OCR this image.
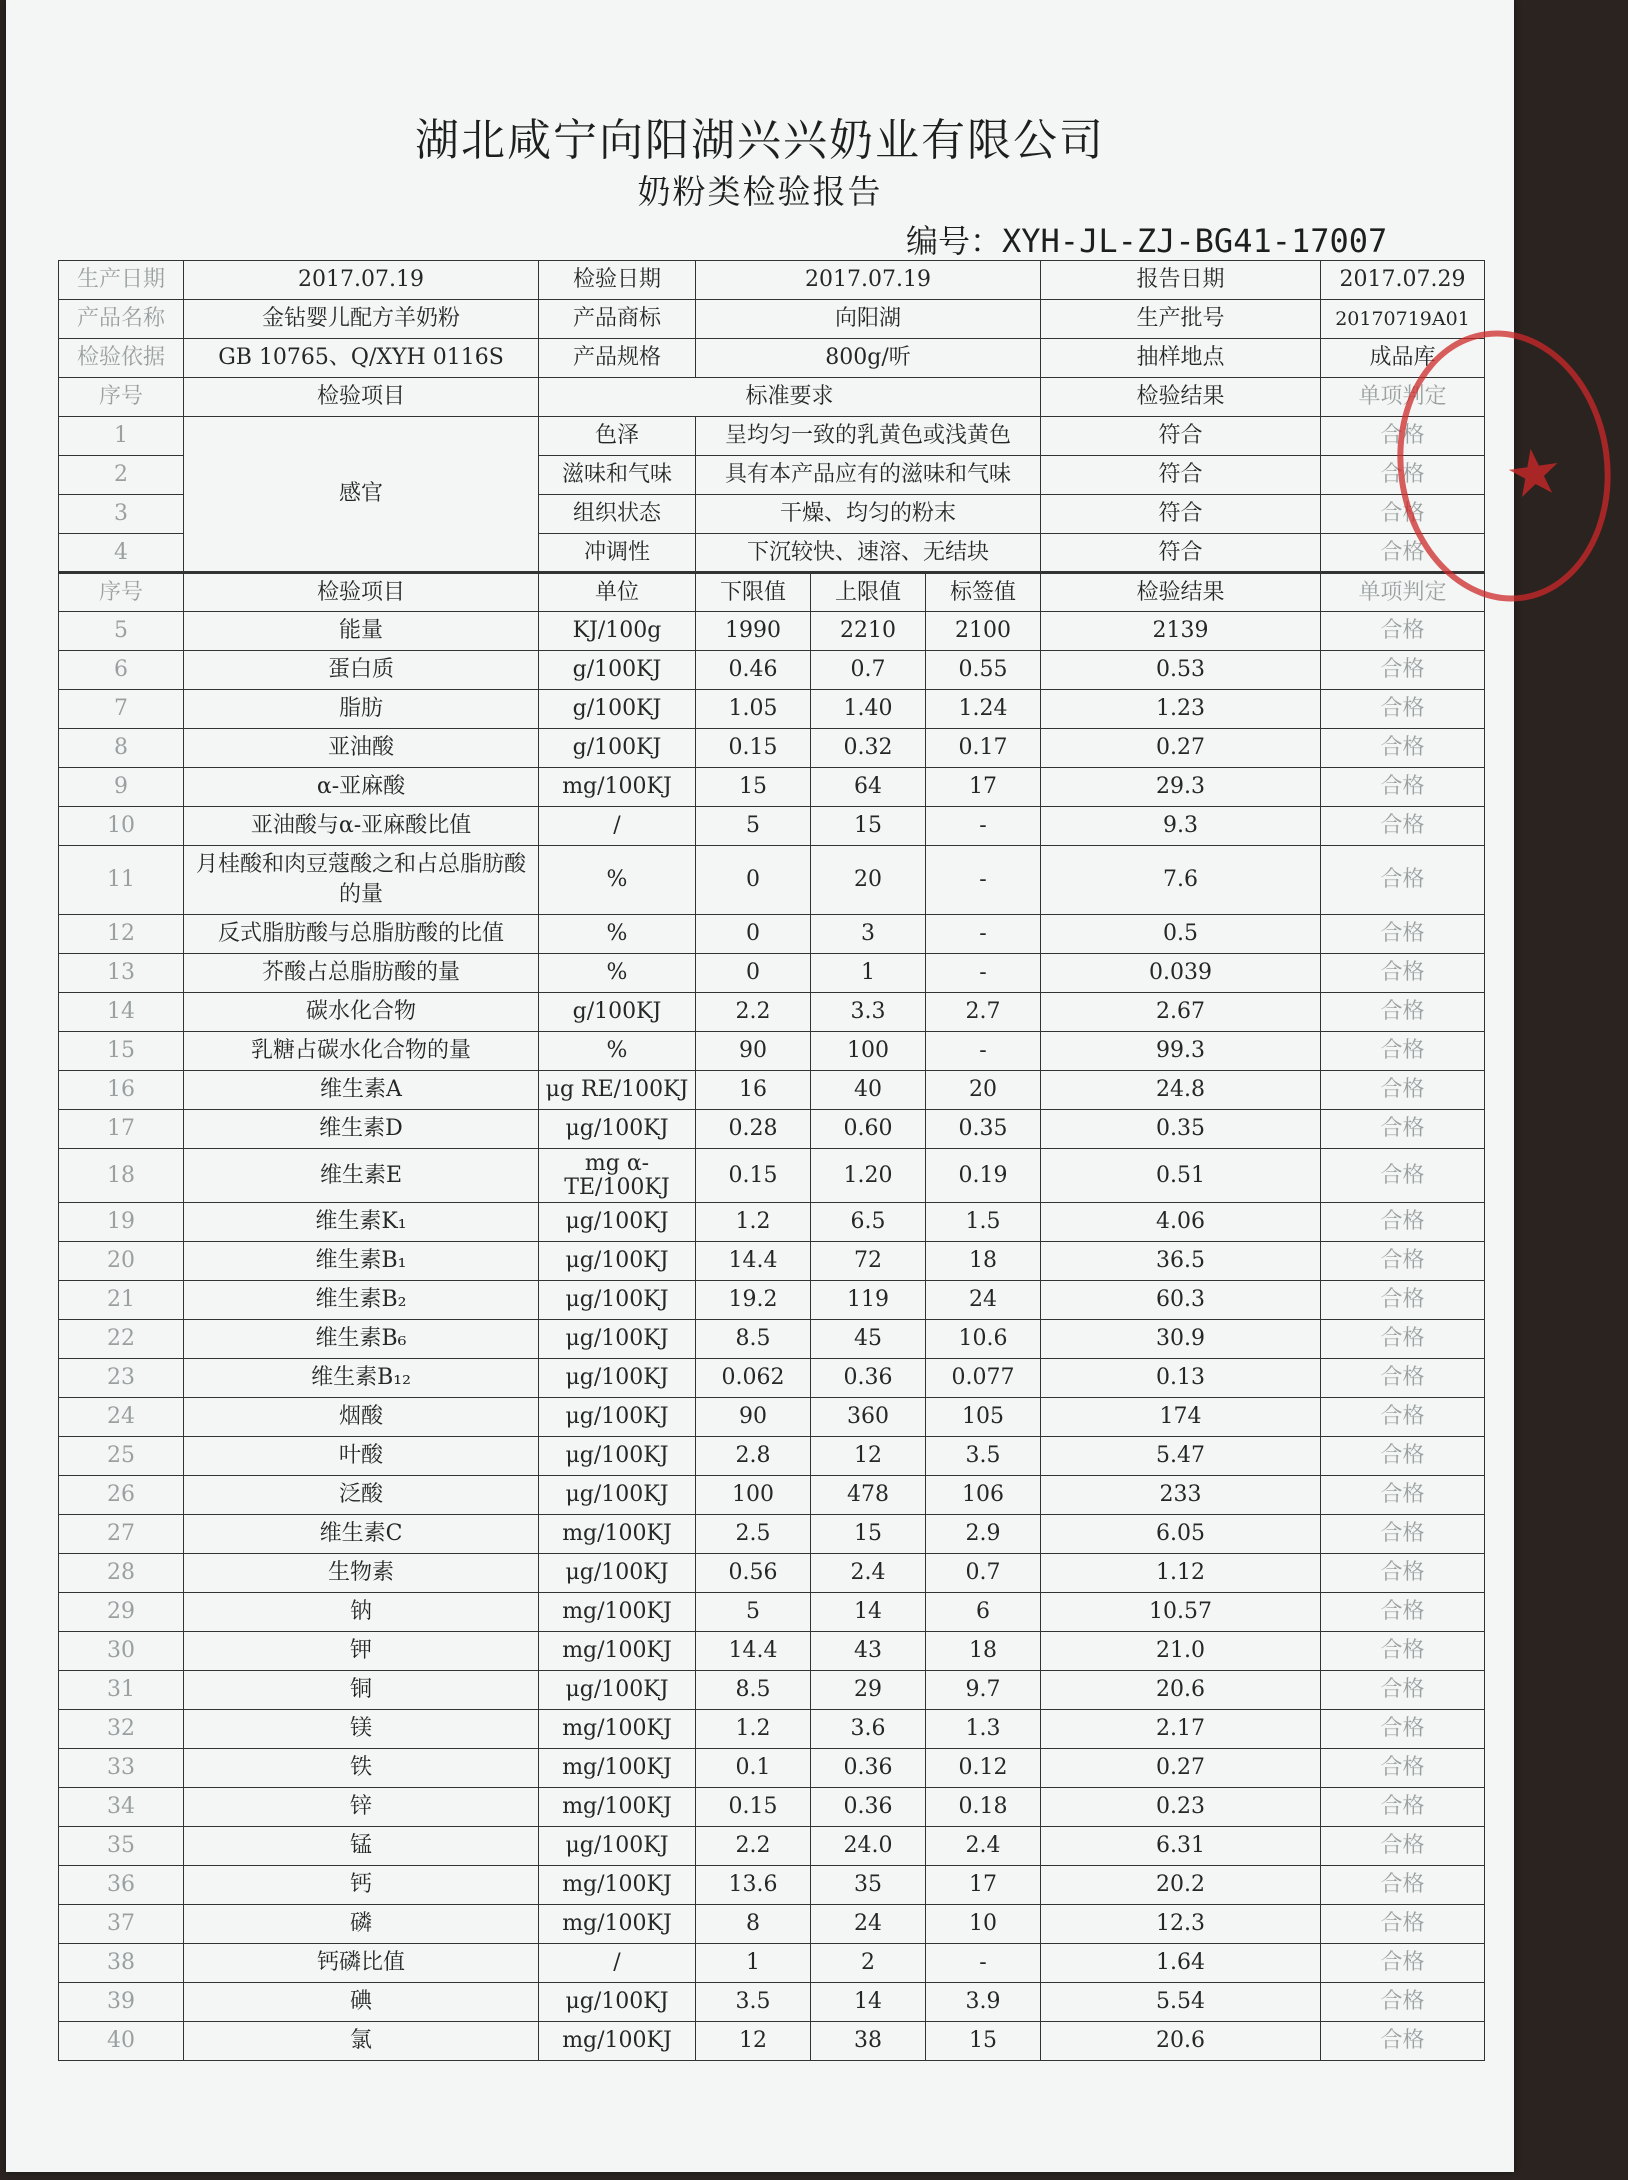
湖北咸宁向阳湖兴兴奶业有限公司
奶粉类检验报告
编号：XYH-JL-ZJ-BG41-17007
生产日期	2017.07.19	检验日期	2017.07.19			报告日期	2017.07.29
产品名称	金钻婴儿配方羊奶粉	产品商标	向阳湖			生产批号	20170719A01
检验依据	GB 10765、Q/XYH 0116S	产品规格	800g/听			抽样地点	成品库
序号	检验项目	标准要求				检验结果	单项判定
1	感官	色泽	呈均匀一致的乳黄色或浅黄色			符合	合格
2		滋味和气味	具有本产品应有的滋味和气味			符合	合格
3		组织状态	干燥、均匀的粉末			符合	合格
4		冲调性	下沉较快、速溶、无结块			符合	合格
序号	检验项目	单位	下限值	上限值	标签值	检验结果	单项判定
5	能量	KJ/100g	1990	2210	2100	2139	合格
6	蛋白质	g/100KJ	0.46	0.7	0.55	0.53	合格
7	脂肪	g/100KJ	1.05	1.40	1.24	1.23	合格
8	亚油酸	g/100KJ	0.15	0.32	0.17	0.27	合格
9	α-亚麻酸	mg/100KJ	15	64	17	29.3	合格
10	亚油酸与α-亚麻酸比值	/	5	15	-	9.3	合格
11	月桂酸和肉豆蔻酸之和占总脂肪酸的量	%	0	20	-	7.6	合格
12	反式脂肪酸与总脂肪酸的比值	%	0	3	-	0.5	合格
13	芥酸占总脂肪酸的量	%	0	1	-	0.039	合格
14	碳水化合物	g/100KJ	2.2	3.3	2.7	2.67	合格
15	乳糖占碳水化合物的量	%	90	100	-	99.3	合格
16	维生素A	μg RE/100KJ	16	40	20	24.8	合格
17	维生素D	μg/100KJ	0.28	0.60	0.35	0.35	合格
18	维生素E	mg α-TE/100KJ	0.15	1.20	0.19	0.51	合格
19	维生素K₁	μg/100KJ	1.2	6.5	1.5	4.06	合格
20	维生素B₁	μg/100KJ	14.4	72	18	36.5	合格
21	维生素B₂	μg/100KJ	19.2	119	24	60.3	合格
22	维生素B₆	μg/100KJ	8.5	45	10.6	30.9	合格
23	维生素B₁₂	μg/100KJ	0.062	0.36	0.077	0.13	合格
24	烟酸	μg/100KJ	90	360	105	174	合格
25	叶酸	μg/100KJ	2.8	12	3.5	5.47	合格
26	泛酸	μg/100KJ	100	478	106	233	合格
27	维生素C	mg/100KJ	2.5	15	2.9	6.05	合格
28	生物素	μg/100KJ	0.56	2.4	0.7	1.12	合格
29	钠	mg/100KJ	5	14	6	10.57	合格
30	钾	mg/100KJ	14.4	43	18	21.0	合格
31	铜	μg/100KJ	8.5	29	9.7	20.6	合格
32	镁	mg/100KJ	1.2	3.6	1.3	2.17	合格
33	铁	mg/100KJ	0.1	0.36	0.12	0.27	合格
34	锌	mg/100KJ	0.15	0.36	0.18	0.23	合格
35	锰	μg/100KJ	2.2	24.0	2.4	6.31	合格
36	钙	mg/100KJ	13.6	35	17	20.2	合格
37	磷	mg/100KJ	8	24	10	12.3	合格
38	钙磷比值	/	1	2	-	1.64	合格
39	碘	μg/100KJ	3.5	14	3.9	5.54	合格
40	氯	mg/100KJ	12	38	15	20.6	合格
★
